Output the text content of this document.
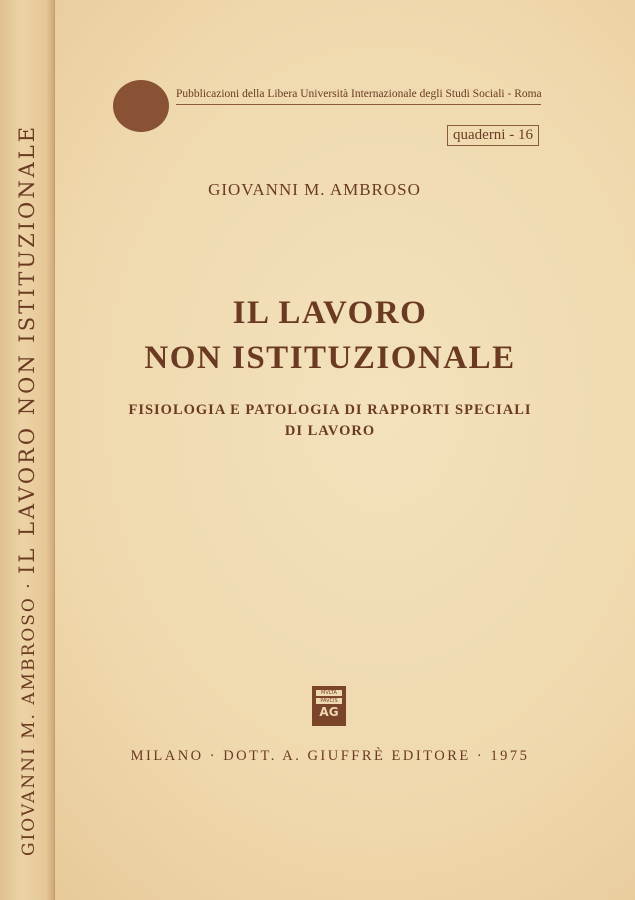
GIOVANNI M. AMBROSO · IL LAVORO NON ISTITUZIONALE
Pubblicazioni della Libera Università Internazionale degli Studi Sociali - Roma
quaderni - 16
GIOVANNI M. AMBROSO
IL LAVORO
NON ISTITUZIONALE
FISIOLOGIA E PATOLOGIA DI RAPPORTI SPECIALI
DI LAVORO
MVLTA
PAVCIS
AG
MILANO · DOTT. A. GIUFFRÈ EDITORE · 1975
